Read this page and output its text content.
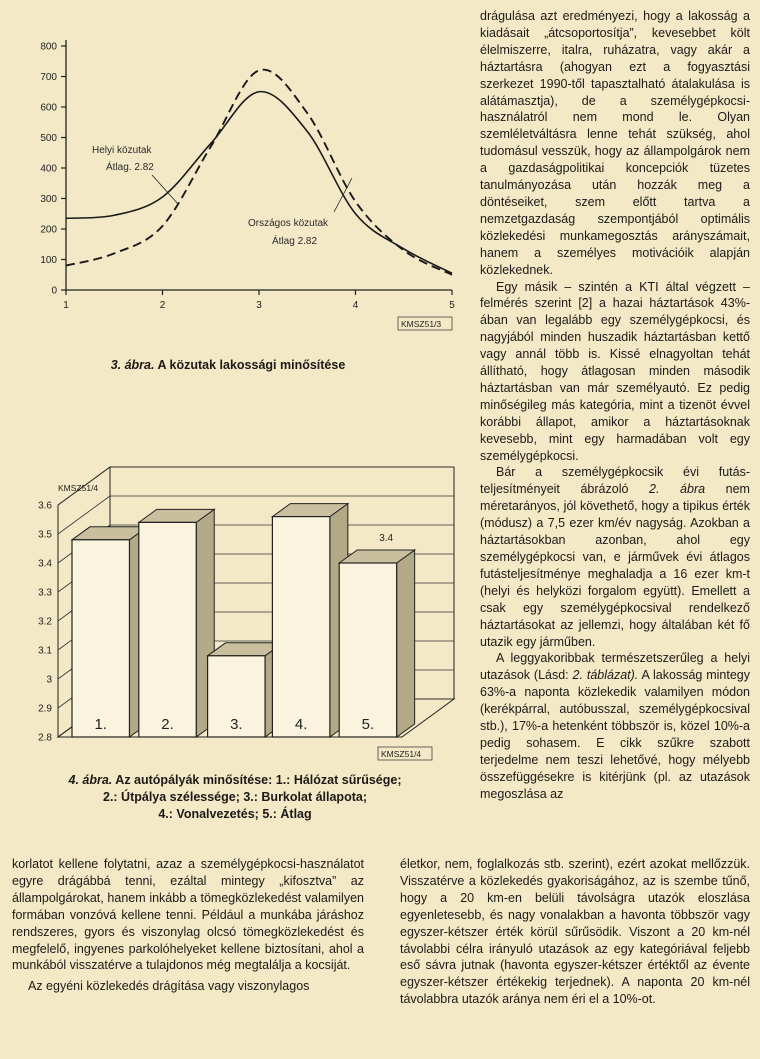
0
100
200
300
400
500
600
700
800
1	2	3	4	5
Helyi közutak
Átlag. 2.82
Országos közutak
Átlag 2.82
KMSZ51/3

3. ábra. A közutak lakossági minősítése

2.8
2.9
3
3.1
3.2
3.3
3.4
3.5
3.6
1.	2.	3.	4.	5.
3.4
KMSZ51/4
KMSZ51/4

4. ábra. Az autópályák minősítése: 1.: Hálózat sűrűsége;

2.: Útpálya szélessége; 3.: Burkolat állapota;

4.: Vonalvezetés; 5.: Átlag

drágulása azt eredményezi, hogy a lakosság a kiadásait „átcsoportosítja”, kevesebbet költ élelmiszerre, italra, ruházatra, vagy akár a háztartásra (ahogyan ezt a fogyasztási szerkezet 1990-től tapasztalható átalakulása is alátámasztja), de a személygépkocsi-használatról nem mond le. Olyan szemléletváltásra lenne tehát szükség, ahol tudomásul vesszük, hogy az állampolgárok nem a gazdaságpolitikai koncepciók tüzetes tanulmányozása után hozzák meg a döntéseiket, szem előtt tartva a nemzetgazdaság szempontjából optimális közlekedési munkamegosztás arányszámait, hanem a személyes motivációik alapján közlekednek.

Egy másik – szintén a KTI által végzett – felmérés szerint [2] a hazai háztartások 43%-ában van legalább egy személygépkocsi, és nagyjából minden huszadik háztartásban kettő vagy annál több is. Kissé elnagyoltan tehát állítható, hogy átlagosan minden második háztartásban van már személyautó. Ez pedig minőségileg más kategória, mint a tizenöt évvel korábbi állapot, amikor a háztartásoknak kevesebb, mint egy harmadában volt egy személygépkocsi.

Bár a személygépkocsik évi futás-teljesítményeit ábrázoló 2. ábra nem méretarányos, jól követhető, hogy a tipikus érték (módusz) a 7,5 ezer km/év nagyság. Azokban a háztartásokban azonban, ahol egy személygépkocsi van, e járművek évi átlagos futásteljesítménye meghaladja a 16 ezer km-t (helyi és helyközi forgalom együtt). Emellett a csak egy személygépkocsival rendelkező háztartásokat az jellemzi, hogy általában két fő utazik egy járműben.

A leggyakoribbak természetszerűleg a helyi utazások (Lásd: 2. táblázat). A lakosság mintegy 63%-a naponta közlekedik valamilyen módon (kerékpárral, autóbusszal, személygépkocsival stb.), 17%-a hetenként többször is, közel 10%-a pedig sohasem. E cikk szűkre szabott terjedelme nem teszi lehetővé, hogy mélyebb összefüggésekre is kitérjünk (pl. az utazások megoszlása az

életkor, nem, foglalkozás stb. szerint), ezért azokat mellőzzük. Visszatérve a közlekedés gyakoriságához, az is szembe tűnő, hogy a 20 km-en belüli távolságra utazók eloszlása egyenletesebb, és nagy vonalakban a havonta többször vagy egyszer-kétszer érték körül sűrűsödik. Viszont a 20 km-nél távolabbi célra irányuló utazások az egy kategóriával feljebb eső sávra jutnak (havonta egyszer-kétszer értéktől az évente egyszer-kétszer értékekig terjednek). A naponta 20 km-nél távolabbra utazók aránya nem éri el a 10%-ot.

korlatot kellene folytatni, azaz a személygépkocsi-használatot egyre drágábbá tenni, ezáltal mintegy „kifosztva” az állampolgárokat, hanem inkább a tömegközlekedést valamilyen formában vonzóvá kellene tenni. Például a munkába járáshoz rendszeres, gyors és viszonylag olcsó tömegközlekedést és megfelelő, ingyenes parkolóhelyeket kellene biztosítani, ahol a munkából visszatérve a tulajdonos még megtalálja a kocsiját.

Az egyéni közlekedés drágítása vagy viszonylagos
